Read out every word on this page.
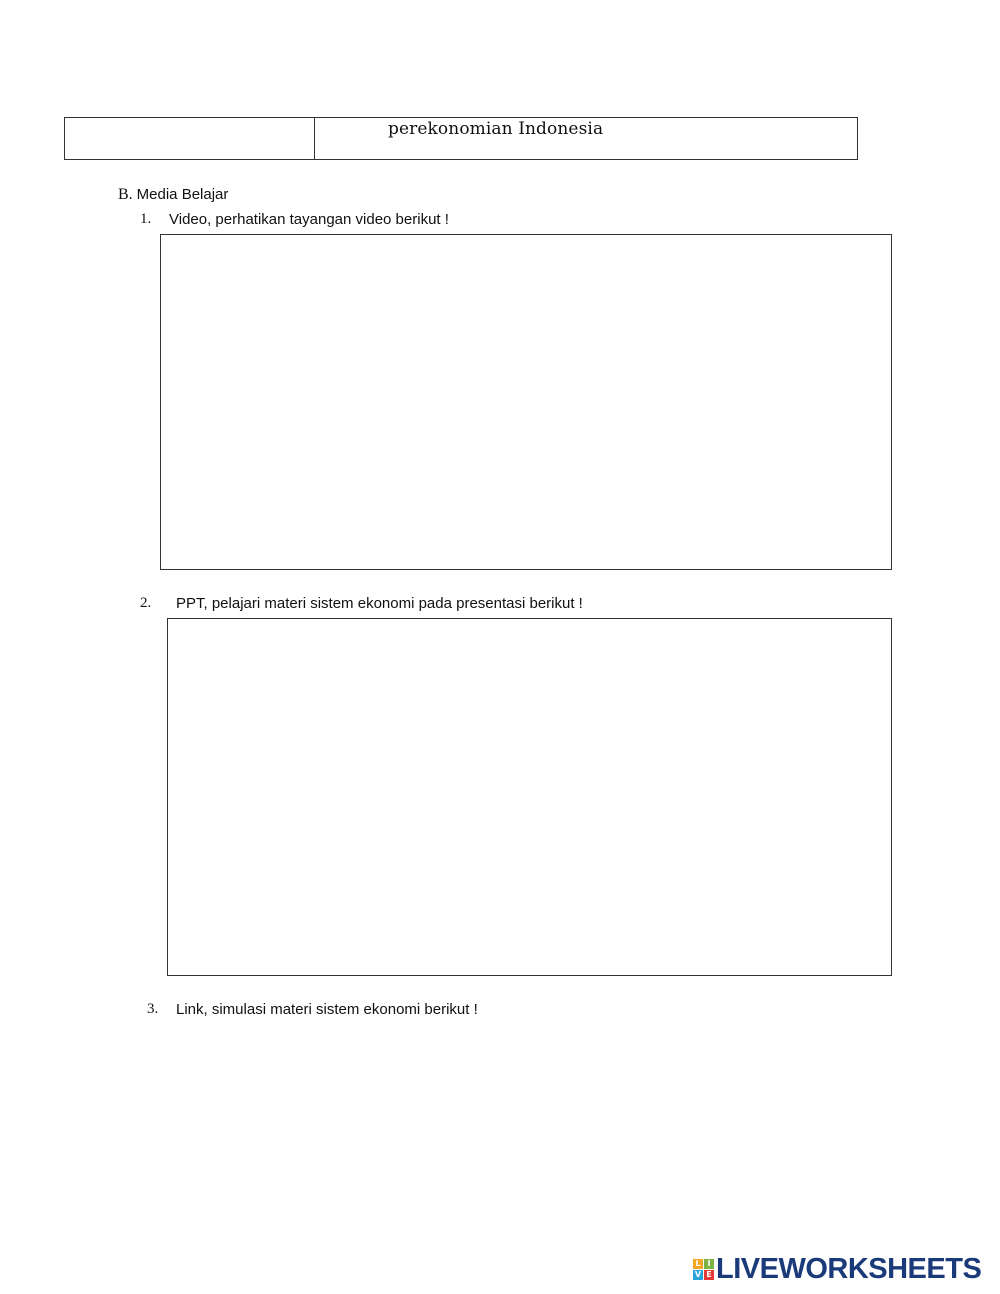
perekonomian Indonesia
B. Media Belajar
1. Video, perhatikan tayangan video berikut !
2. PPT, pelajari materi sistem ekonomi pada presentasi berikut !
3. Link, simulasi materi sistem ekonomi berikut !
L I
V E LIVEWORKSHEETS
